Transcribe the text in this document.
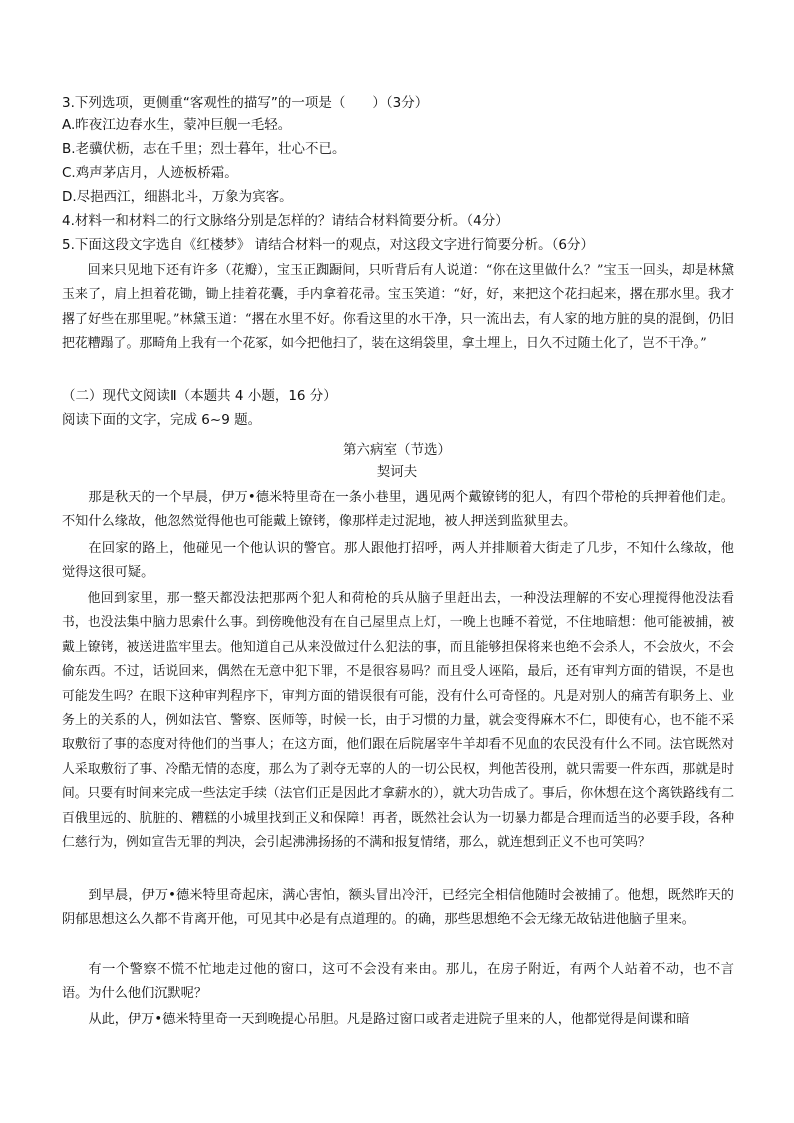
3.下列选项，更侧重“客观性的描写”的一项是（　　）（3分）
A.昨夜江边春水生，蒙冲巨舰一毛轻。
B.老骥伏枥，志在千里；烈士暮年，壮心不已。
C.鸡声茅店月，人迹板桥霜。
D.尽挹西江，细斟北斗，万象为宾客。
4.材料一和材料二的行文脉络分别是怎样的？请结合材料简要分析。（4分）
5.下面这段文字选自《红楼梦》 请结合材料一的观点，对这段文字进行简要分析。（6分）

回来只见地下还有许多（花瓣），宝玉正踟蹰间，只听背后有人说道：“你在这里做什么？”宝玉一回头，却是林黛玉来了，肩上担着花锄，锄上挂着花囊，手内拿着花帚。宝玉笑道：“好，好，来把这个花扫起来，撂在那水里。我才撂了好些在那里呢。”林黛玉道：“撂在水里不好。你看这里的水干净，只一流出去，有人家的地方脏的臭的混倒，仍旧把花糟蹋了。那畸角上我有一个花冢，如今把他扫了，装在这绢袋里，拿土埋上，日久不过随土化了，岂不干净。”

（二）现代文阅读Ⅱ（本题共 4 小题，16 分）
阅读下面的文字，完成 6~9 题。
第六病室（节选）
契诃夫

那是秋天的一个早晨，伊万•德米特里奇在一条小巷里，遇见两个戴镣铐的犯人，有四个带枪的兵押着他们走。不知什么缘故，他忽然觉得他也可能戴上镣铐，像那样走过泥地，被人押送到监狱里去。

在回家的路上，他碰见一个他认识的警官。那人跟他打招呼，两人并排顺着大街走了几步，不知什么缘故，他觉得这很可疑。

他回到家里，那一整天都没法把那两个犯人和荷枪的兵从脑子里赶出去，一种没法理解的不安心理搅得他没法看书，也没法集中脑力思索什么事。到傍晚他没有在自己屋里点上灯，一晚上也睡不着觉，不住地暗想：他可能被捕，被戴上镣铐，被送进监牢里去。他知道自己从来没做过什么犯法的事，而且能够担保将来也绝不会杀人，不会放火，不会偷东西。不过，话说回来，偶然在无意中犯下罪，不是很容易吗？而且受人诬陷，最后，还有审判方面的错误，不是也可能发生吗？在眼下这种审判程序下，审判方面的错误很有可能，没有什么可奇怪的。凡是对别人的痛苦有职务上、业务上的关系的人，例如法官、警察、医师等，时候一长，由于习惯的力量，就会变得麻木不仁，即使有心，也不能不采取敷衍了事的态度对待他们的当事人；在这方面，他们跟在后院屠宰牛羊却看不见血的农民没有什么不同。法官既然对人采取敷衍了事、冷酷无情的态度，那么为了剥夺无辜的人的一切公民权，判他苦役刑，就只需要一件东西，那就是时间。只要有时间来完成一些法定手续（法官们正是因此才拿薪水的），就大功告成了。事后，你休想在这个离铁路线有二百俄里远的、肮脏的、糟糕的小城里找到正义和保障！再者，既然社会认为一切暴力都是合理而适当的必要手段，各种仁慈行为，例如宣告无罪的判决，会引起沸沸扬扬的不满和报复情绪，那么，就连想到正义不也可笑吗？

到早晨，伊万•德米特里奇起床，满心害怕，额头冒出冷汗，已经完全相信他随时会被捕了。他想，既然昨天的阴郁思想这么久都不肯离开他，可见其中必是有点道理的。的确，那些思想绝不会无缘无故钻进他脑子里来。

有一个警察不慌不忙地走过他的窗口，这可不会没有来由。那儿，在房子附近，有两个人站着不动，也不言语。为什么他们沉默呢？

从此，伊万•德米特里奇一天到晚提心吊胆。凡是路过窗口或者走进院子里来的人，他都觉得是间谍和暗
